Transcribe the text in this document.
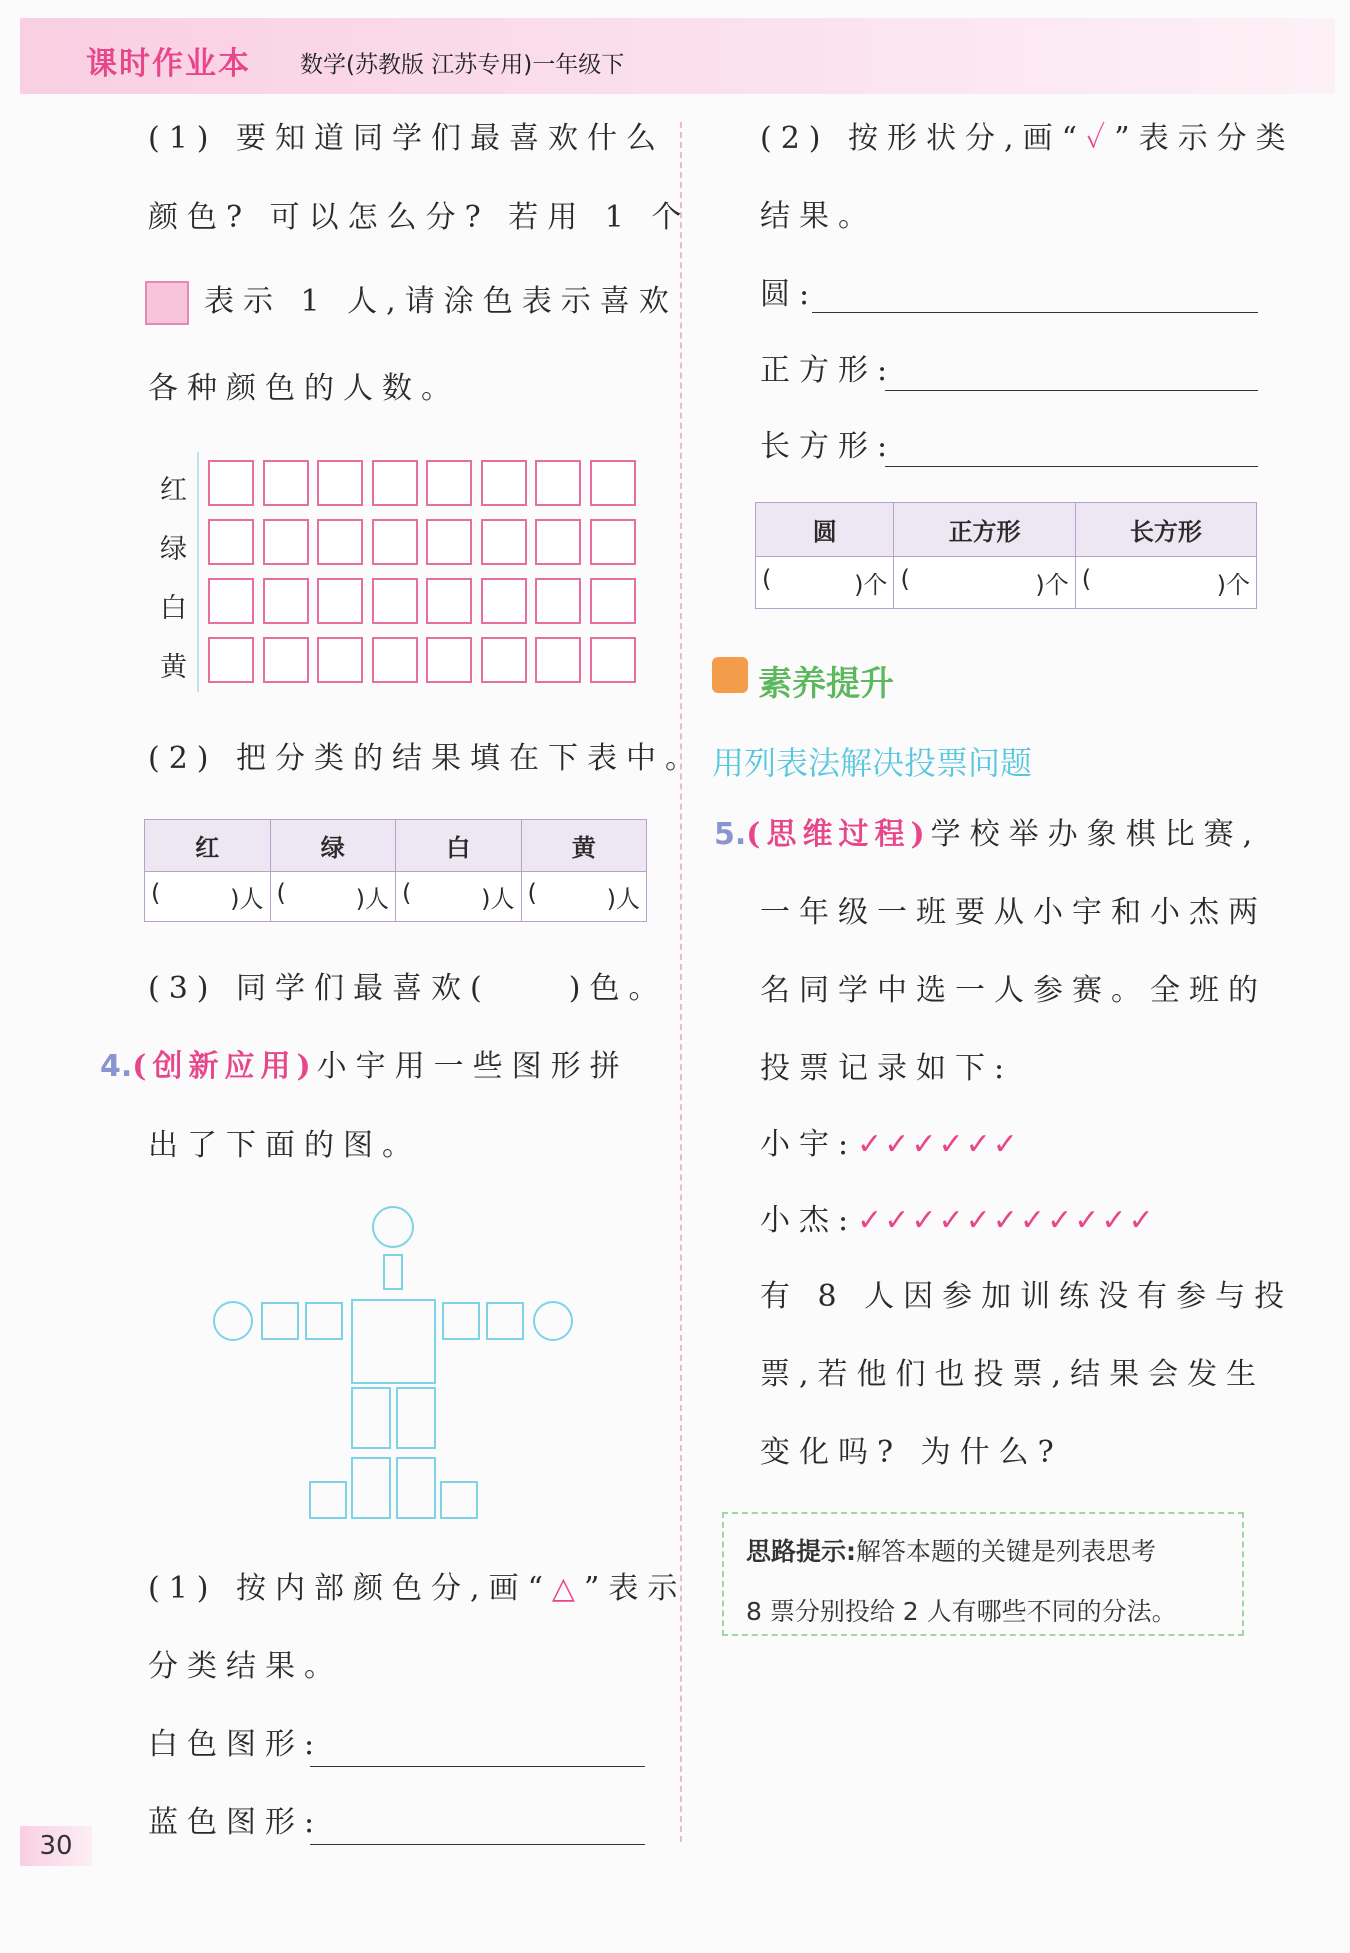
课时作业本 数学(苏教版 江苏专用)一年级下
(1) 要知道同学们最喜欢什么
颜色? 可以怎么分? 若用 1 个
表示 1 人,请涂色表示喜欢
各种颜色的人数。
红
绿
白
黄
(2) 把分类的结果填在下表中。
红	绿	白	黄

( )人	( )人	( )人	( )人
(3) 同学们最喜欢(　　)色。
4.(创新应用)小宇用一些图形拼
出了下面的图。
(1) 按内部颜色分,画“△”表示
分类结果。
白色图形:
蓝色图形:
30
(2) 按形状分,画“✓”表示分类
结果。
圆:
正方形:
长方形:
圆	正方形	长方形

( )个	( )个	( )个
素养提升
用列表法解决投票问题
5.(思维过程)学校举办象棋比赛,
一年级一班要从小宇和小杰两
名同学中选一人参赛。全班的
投票记录如下:
小宇:✓✓✓✓✓✓
小杰:✓✓✓✓✓✓✓✓✓✓✓
有 8 人因参加训练没有参与投
票,若他们也投票,结果会发生
变化吗? 为什么?
思路提示:解答本题的关键是列表思考
8 票分别投给 2 人有哪些不同的分法。
